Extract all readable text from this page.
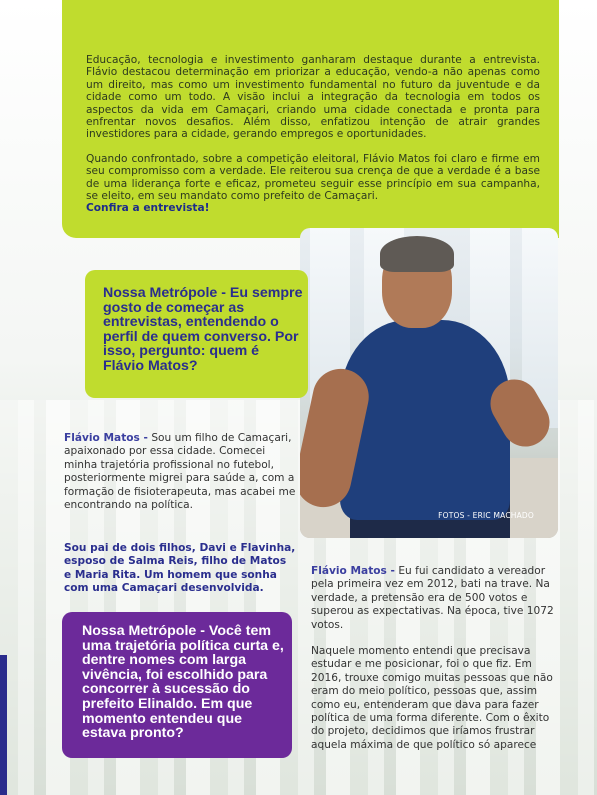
Educação, tecnologia e investimento ganharam destaque durante a entrevista. Flávio destacou determinação em priorizar a educação, vendo-a não apenas como um direito, mas como um investimento fundamental no futuro da juventude e da cidade como um todo. A visão inclui a integração da tecnologia em todos os aspectos da vida em Camaçari, criando uma cidade conectada e pronta para enfrentar novos desafios. Além disso, enfatizou intenção de atrair grandes investidores para a cidade, gerando empregos e oportunidades.

Quando confrontado, sobre a competição eleitoral, Flávio Matos foi claro e firme em seu compromisso com a verdade. Ele reiterou sua crença de que a verdade é a base de uma liderança forte e eficaz, prometeu seguir esse princípio em sua campanha, se eleito, em seu mandato como prefeito de Camaçari.

Confira a entrevista!

FOTOS - ERIC MACHADO
Nossa Metrópole - Eu sempre gosto de começar as entrevistas, entendendo o perfil de quem converso. Por isso, pergunto: quem é Flávio Matos?

Flávio Matos - Sou um filho de Camaçari, apaixonado por essa cidade. Comecei minha trajetória profissional no futebol, posteriormente migrei para saúde a, com a formação de fisioterapeuta, mas acabei me encontrando na política.

Sou pai de dois filhos, Davi e Flavinha, esposo de Salma Reis, filho de Matos e Maria Rita. Um homem que sonha com uma Camaçari desenvolvida.

Flávio Matos - Eu fui candidato a vereador pela primeira vez em 2012, bati na trave. Na verdade, a pretensão era de 500 votos e superou as expectativas. Na época, tive 1072 votos.

Naquele momento entendi que precisava estudar e me posicionar, foi o que fiz. Em 2016, trouxe comigo muitas pessoas que não eram do meio político, pessoas que, assim como eu, entenderam que dava para fazer política de uma forma diferente. Com o êxito do projeto, decidimos que iríamos frustrar aquela máxima de que político só aparece

Nossa Metrópole - Você tem uma trajetória política curta e, dentre nomes com larga vivência, foi escolhido para concorrer à sucessão do prefeito Elinaldo. Em que momento entendeu que estava pronto?
